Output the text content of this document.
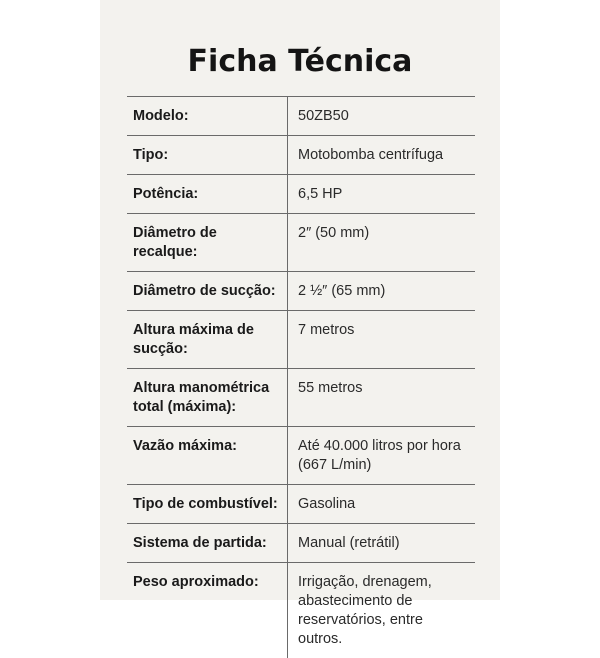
Ficha Técnica
Modelo:	50ZB50
Tipo:	Motobomba centrífuga
Potência:	6,5 HP
Diâmetro de recalque:	2″ (50 mm)
Diâmetro de sucção:	2 ½″ (65 mm)
Altura máxima de sucção:	7 metros
Altura manométrica total (máxima):	55 metros
Vazão máxima:	Até 40.000 litros por hora (667 L/min)
Tipo de combustível:	Gasolina
Sistema de partida:	Manual (retrátil)
Peso aproximado:	Irrigação, drenagem, abastecimento de reservatórios, entre outros.
